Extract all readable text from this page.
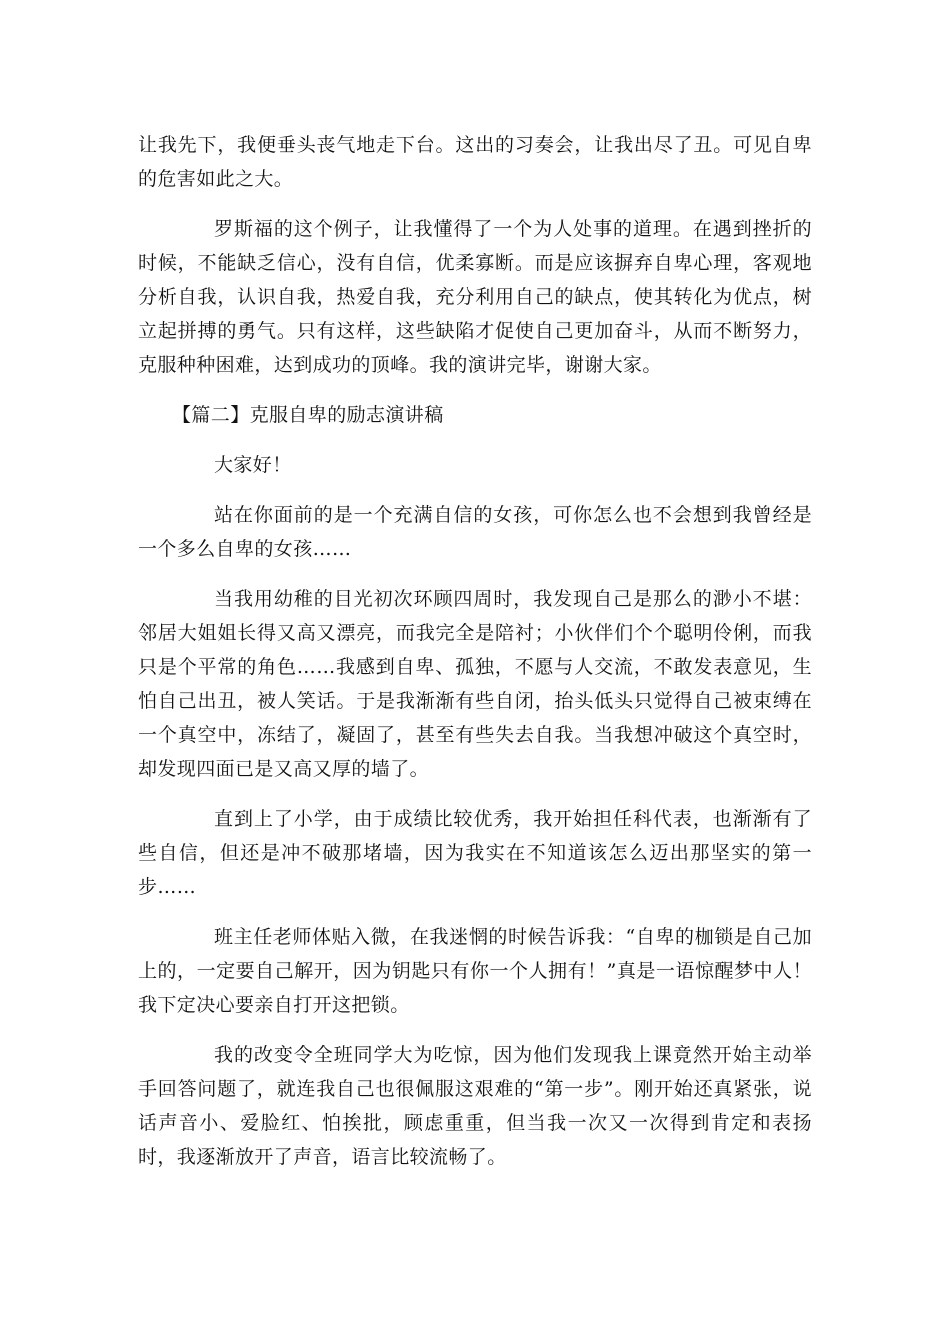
让我先下，我便垂头丧气地走下台。这出的习奏会，让我出尽了丑。可见自卑的危害如此之大。

罗斯福的这个例子，让我懂得了一个为人处事的道理。在遇到挫折的时候，不能缺乏信心，没有自信，优柔寡断。而是应该摒弃自卑心理，客观地分析自我，认识自我，热爱自我，充分利用自己的缺点，使其转化为优点，树立起拼搏的勇气。只有这样，这些缺陷才促使自己更加奋斗，从而不断努力，克服种种困难，达到成功的顶峰。我的演讲完毕，谢谢大家。

【篇二】克服自卑的励志演讲稿

大家好！

站在你面前的是一个充满自信的女孩，可你怎么也不会想到我曾经是一个多么自卑的女孩……

当我用幼稚的目光初次环顾四周时，我发现自己是那么的渺小不堪：邻居大姐姐长得又高又漂亮，而我完全是陪衬；小伙伴们个个聪明伶俐，而我只是个平常的角色……我感到自卑、孤独，不愿与人交流，不敢发表意见，生怕自己出丑，被人笑话。于是我渐渐有些自闭，抬头低头只觉得自己被束缚在一个真空中，冻结了，凝固了，甚至有些失去自我。当我想冲破这个真空时，却发现四面已是又高又厚的墙了。

直到上了小学，由于成绩比较优秀，我开始担任科代表，也渐渐有了些自信，但还是冲不破那堵墙，因为我实在不知道该怎么迈出那坚实的第一步……

班主任老师体贴入微，在我迷惘的时候告诉我：“自卑的枷锁是自己加上的，一定要自己解开，因为钥匙只有你一个人拥有！”真是一语惊醒梦中人！我下定决心要亲自打开这把锁。

我的改变令全班同学大为吃惊，因为他们发现我上课竟然开始主动举手回答问题了，就连我自己也很佩服这艰难的“第一步”。刚开始还真紧张，说话声音小、爱脸红、怕挨批，顾虑重重，但当我一次又一次得到肯定和表扬时，我逐渐放开了声音，语言比较流畅了。
